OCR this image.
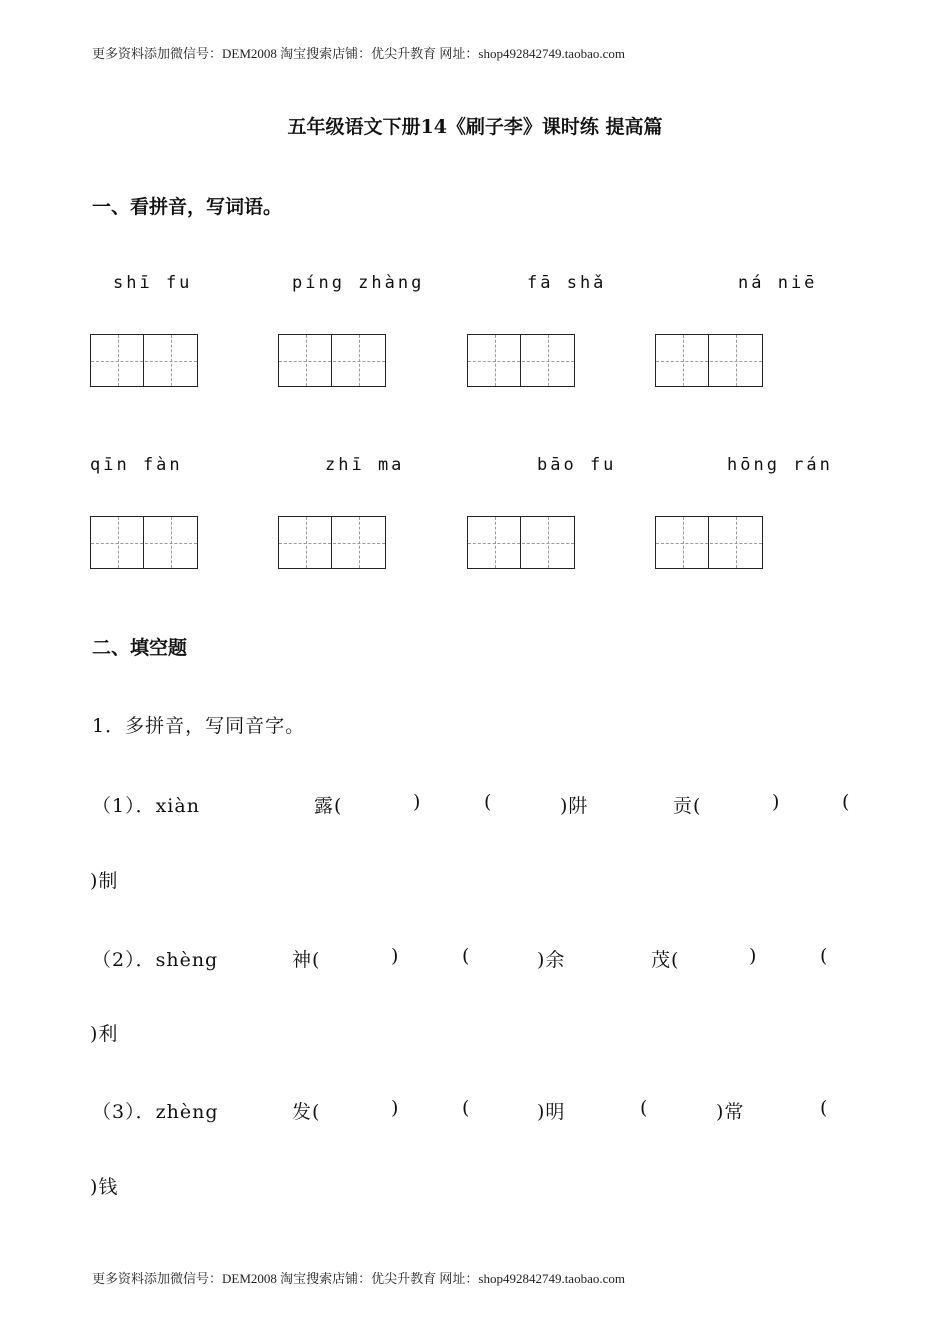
更多资料添加微信号：DEM2008 淘宝搜索店铺：优尖升教育 网址：shop492842749.taobao.com
五年级语文下册14《刷子李》课时练 提高篇
一、看拼音，写词语。
shī fu	píng zhàng	fā shǎ	ná niē
qīn fàn	zhī ma	bāo fu	hōng rán
二、填空题
1．多拼音，写同音字。
（1）．xiàn	露(	)	(	)阱	贡(	)	(
)制
（2）．shèng	神(	)	(	)余	茂(	)	(
)利
（3）．zhèng	发(	)	(	)明	(	)常	(
)钱
更多资料添加微信号：DEM2008 淘宝搜索店铺：优尖升教育 网址：shop492842749.taobao.com
